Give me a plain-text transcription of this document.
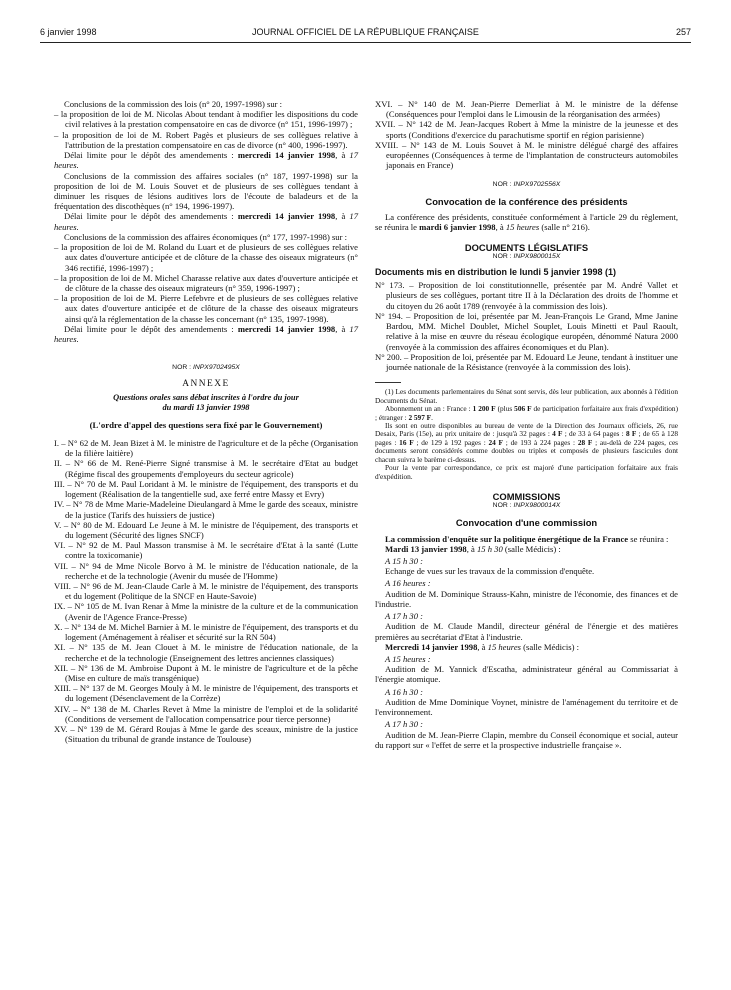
6 janvier 1998	JOURNAL OFFICIEL DE LA RÉPUBLIQUE FRANÇAISE	257

Conclusions de la commission des lois (n° 20, 1997-1998) sur :

– la proposition de loi de M. Nicolas About tendant à modifier les dispositions du code civil relatives à la prestation compensatoire en cas de divorce (n° 151, 1996-1997) ;

– la proposition de loi de M. Robert Pagès et plusieurs de ses collègues relative à l'attribution de la prestation compensatoire en cas de divorce (n° 400, 1996-1997).

Délai limite pour le dépôt des amendements : mercredi 14 janvier 1998, à 17 heures.

Conclusions de la commission des affaires sociales (n° 187, 1997-1998) sur la proposition de loi de M. Louis Souvet et de plusieurs de ses collègues tendant à diminuer les risques de lésions auditives lors de l'écoute de baladeurs et de la fréquentation des discothèques (n° 194, 1996-1997).

Délai limite pour le dépôt des amendements : mercredi 14 janvier 1998, à 17 heures.

Conclusions de la commission des affaires économiques (n° 177, 1997-1998) sur :

– la proposition de loi de M. Roland du Luart et de plusieurs de ses collègues relative aux dates d'ouverture anticipée et de clôture de la chasse des oiseaux migrateurs (n° 346 rectifié, 1996-1997) ;

– la proposition de loi de M. Michel Charasse relative aux dates d'ouverture anticipée et de clôture de la chasse des oiseaux migrateurs (n° 359, 1996-1997) ;

– la proposition de loi de M. Pierre Lefebvre et de plusieurs de ses collègues relative aux dates d'ouverture anticipée et de clôture de la chasse des oiseaux migrateurs ainsi qu'à la réglementation de la chasse les concernant (n° 135, 1997-1998).

Délai limite pour le dépôt des amendements : mercredi 14 janvier 1998, à 17 heures.

NOR : INPX9702495X

ANNEXE

Questions orales sans débat inscrites à l'ordre du jour
du mardi 13 janvier 1998

(L'ordre d'appel des questions sera fixé par le Gouvernement)

I. – N° 62 de M. Jean Bizet à M. le ministre de l'agriculture et de la pêche (Organisation de la filière laitière)

II. – N° 66 de M. René-Pierre Signé transmise à M. le secrétaire d'Etat au budget (Régime fiscal des groupements d'employeurs du secteur agricole)

III. – N° 70 de M. Paul Loridant à M. le ministre de l'équipement, des transports et du logement (Réalisation de la tangentielle sud, axe ferré entre Massy et Evry)

IV. – N° 78 de Mme Marie-Madeleine Dieulangard à Mme le garde des sceaux, ministre de la justice (Tarifs des huissiers de justice)

V. – N° 80 de M. Edouard Le Jeune à M. le ministre de l'équipement, des transports et du logement (Sécurité des lignes SNCF)

VI. – N° 92 de M. Paul Masson transmise à M. le secrétaire d'Etat à la santé (Lutte contre la toxicomanie)

VII. – N° 94 de Mme Nicole Borvo à M. le ministre de l'éducation nationale, de la recherche et de la technologie (Avenir du musée de l'Homme)

VIII. – N° 96 de M. Jean-Claude Carle à M. le ministre de l'équipement, des transports et du logement (Politique de la SNCF en Haute-Savoie)

IX. – N° 105 de M. Ivan Renar à Mme la ministre de la culture et de la communication (Avenir de l'Agence France-Presse)

X. – N° 134 de M. Michel Barnier à M. le ministre de l'équipement, des transports et du logement (Aménagement à réaliser et sécurité sur la RN 504)

XI. – N° 135 de M. Jean Clouet à M. le ministre de l'éducation nationale, de la recherche et de la technologie (Enseignement des lettres anciennes classiques)

XII. – N° 136 de M. Ambroise Dupont à M. le ministre de l'agriculture et de la pêche (Mise en culture de maïs transgénique)

XIII. – N° 137 de M. Georges Mouly à M. le ministre de l'équipement, des transports et du logement (Désenclavement de la Corrèze)

XIV. – N° 138 de M. Charles Revet à Mme la ministre de l'emploi et de la solidarité (Conditions de versement de l'allocation compensatrice pour tierce personne)

XV. – N° 139 de M. Gérard Roujas à Mme le garde des sceaux, ministre de la justice (Situation du tribunal de grande instance de Toulouse)

XVI. – N° 140 de M. Jean-Pierre Demerliat à M. le ministre de la défense (Conséquences pour l'emploi dans le Limousin de la réorganisation des armées)

XVII. – N° 142 de M. Jean-Jacques Robert à Mme la ministre de la jeunesse et des sports (Conditions d'exercice du parachutisme sportif en région parisienne)

XVIII. – N° 143 de M. Louis Souvet à M. le ministre délégué chargé des affaires européennes (Conséquences à terme de l'implantation de constructeurs automobiles japonais en France)

NOR : INPX9702556X

Convocation de la conférence des présidents

La conférence des présidents, constituée conformément à l'article 29 du règlement, se réunira le mardi 6 janvier 1998, à 15 heures (salle n° 216).

DOCUMENTS LÉGISLATIFS

NOR : INPX9800015X

Documents mis en distribution le lundi 5 janvier 1998 (1)

N° 173. – Proposition de loi constitutionnelle, présentée par M. André Vallet et plusieurs de ses collègues, portant titre II à la Déclaration des droits de l'homme et du citoyen du 26 août 1789 (renvoyée à la commission des lois).

N° 194. – Proposition de loi, présentée par M. Jean-François Le Grand, Mme Janine Bardou, MM. Michel Doublet, Michel Souplet, Louis Minetti et Paul Raoult, relative à la mise en œuvre du réseau écologique européen, dénommé Natura 2000 (renvoyée à la commission des affaires économiques et du Plan).

N° 200. – Proposition de loi, présentée par M. Edouard Le Jeune, tendant à instituer une journée nationale de la Résistance (renvoyée à la commission des lois).

(1) Les documents parlementaires du Sénat sont servis, dès leur publication, aux abonnés à l'édition Documents du Sénat.

Abonnement un an : France : 1 200 F (plus 506 F de participation forfaitaire aux frais d'expédition) ; étranger : 2 597 F.

Ils sont en outre disponibles au bureau de vente de la Direction des Journaux officiels, 26, rue Desaix, Paris (15e), au prix unitaire de : jusqu'à 32 pages : 4 F ; de 33 à 64 pages : 8 F ; de 65 à 128 pages : 16 F ; de 129 à 192 pages : 24 F ; de 193 à 224 pages : 28 F ; au-delà de 224 pages, ces documents seront considérés comme doubles ou triples et composés de plusieurs fascicules dont chacun suivra le barème ci-dessus.

Pour la vente par correspondance, ce prix est majoré d'une participation forfaitaire aux frais d'expédition.

COMMISSIONS

NOR : INPX9800014X

Convocation d'une commission

La commission d'enquête sur la politique énergétique de la France se réunira :

Mardi 13 janvier 1998, à 15 h 30 (salle Médicis) :

A 15 h 30 :

Echange de vues sur les travaux de la commission d'enquête.

A 16 heures :

Audition de M. Dominique Strauss-Kahn, ministre de l'économie, des finances et de l'industrie.

A 17 h 30 :

Audition de M. Claude Mandil, directeur général de l'énergie et des matières premières au secrétariat d'Etat à l'industrie.

Mercredi 14 janvier 1998, à 15 heures (salle Médicis) :

A 15 heures :

Audition de M. Yannick d'Escatha, administrateur général au Commissariat à l'énergie atomique.

A 16 h 30 :

Audition de Mme Dominique Voynet, ministre de l'aménagement du territoire et de l'environnement.

A 17 h 30 :

Audition de M. Jean-Pierre Clapin, membre du Conseil économique et social, auteur du rapport sur « l'effet de serre et la prospective industrielle française ».
